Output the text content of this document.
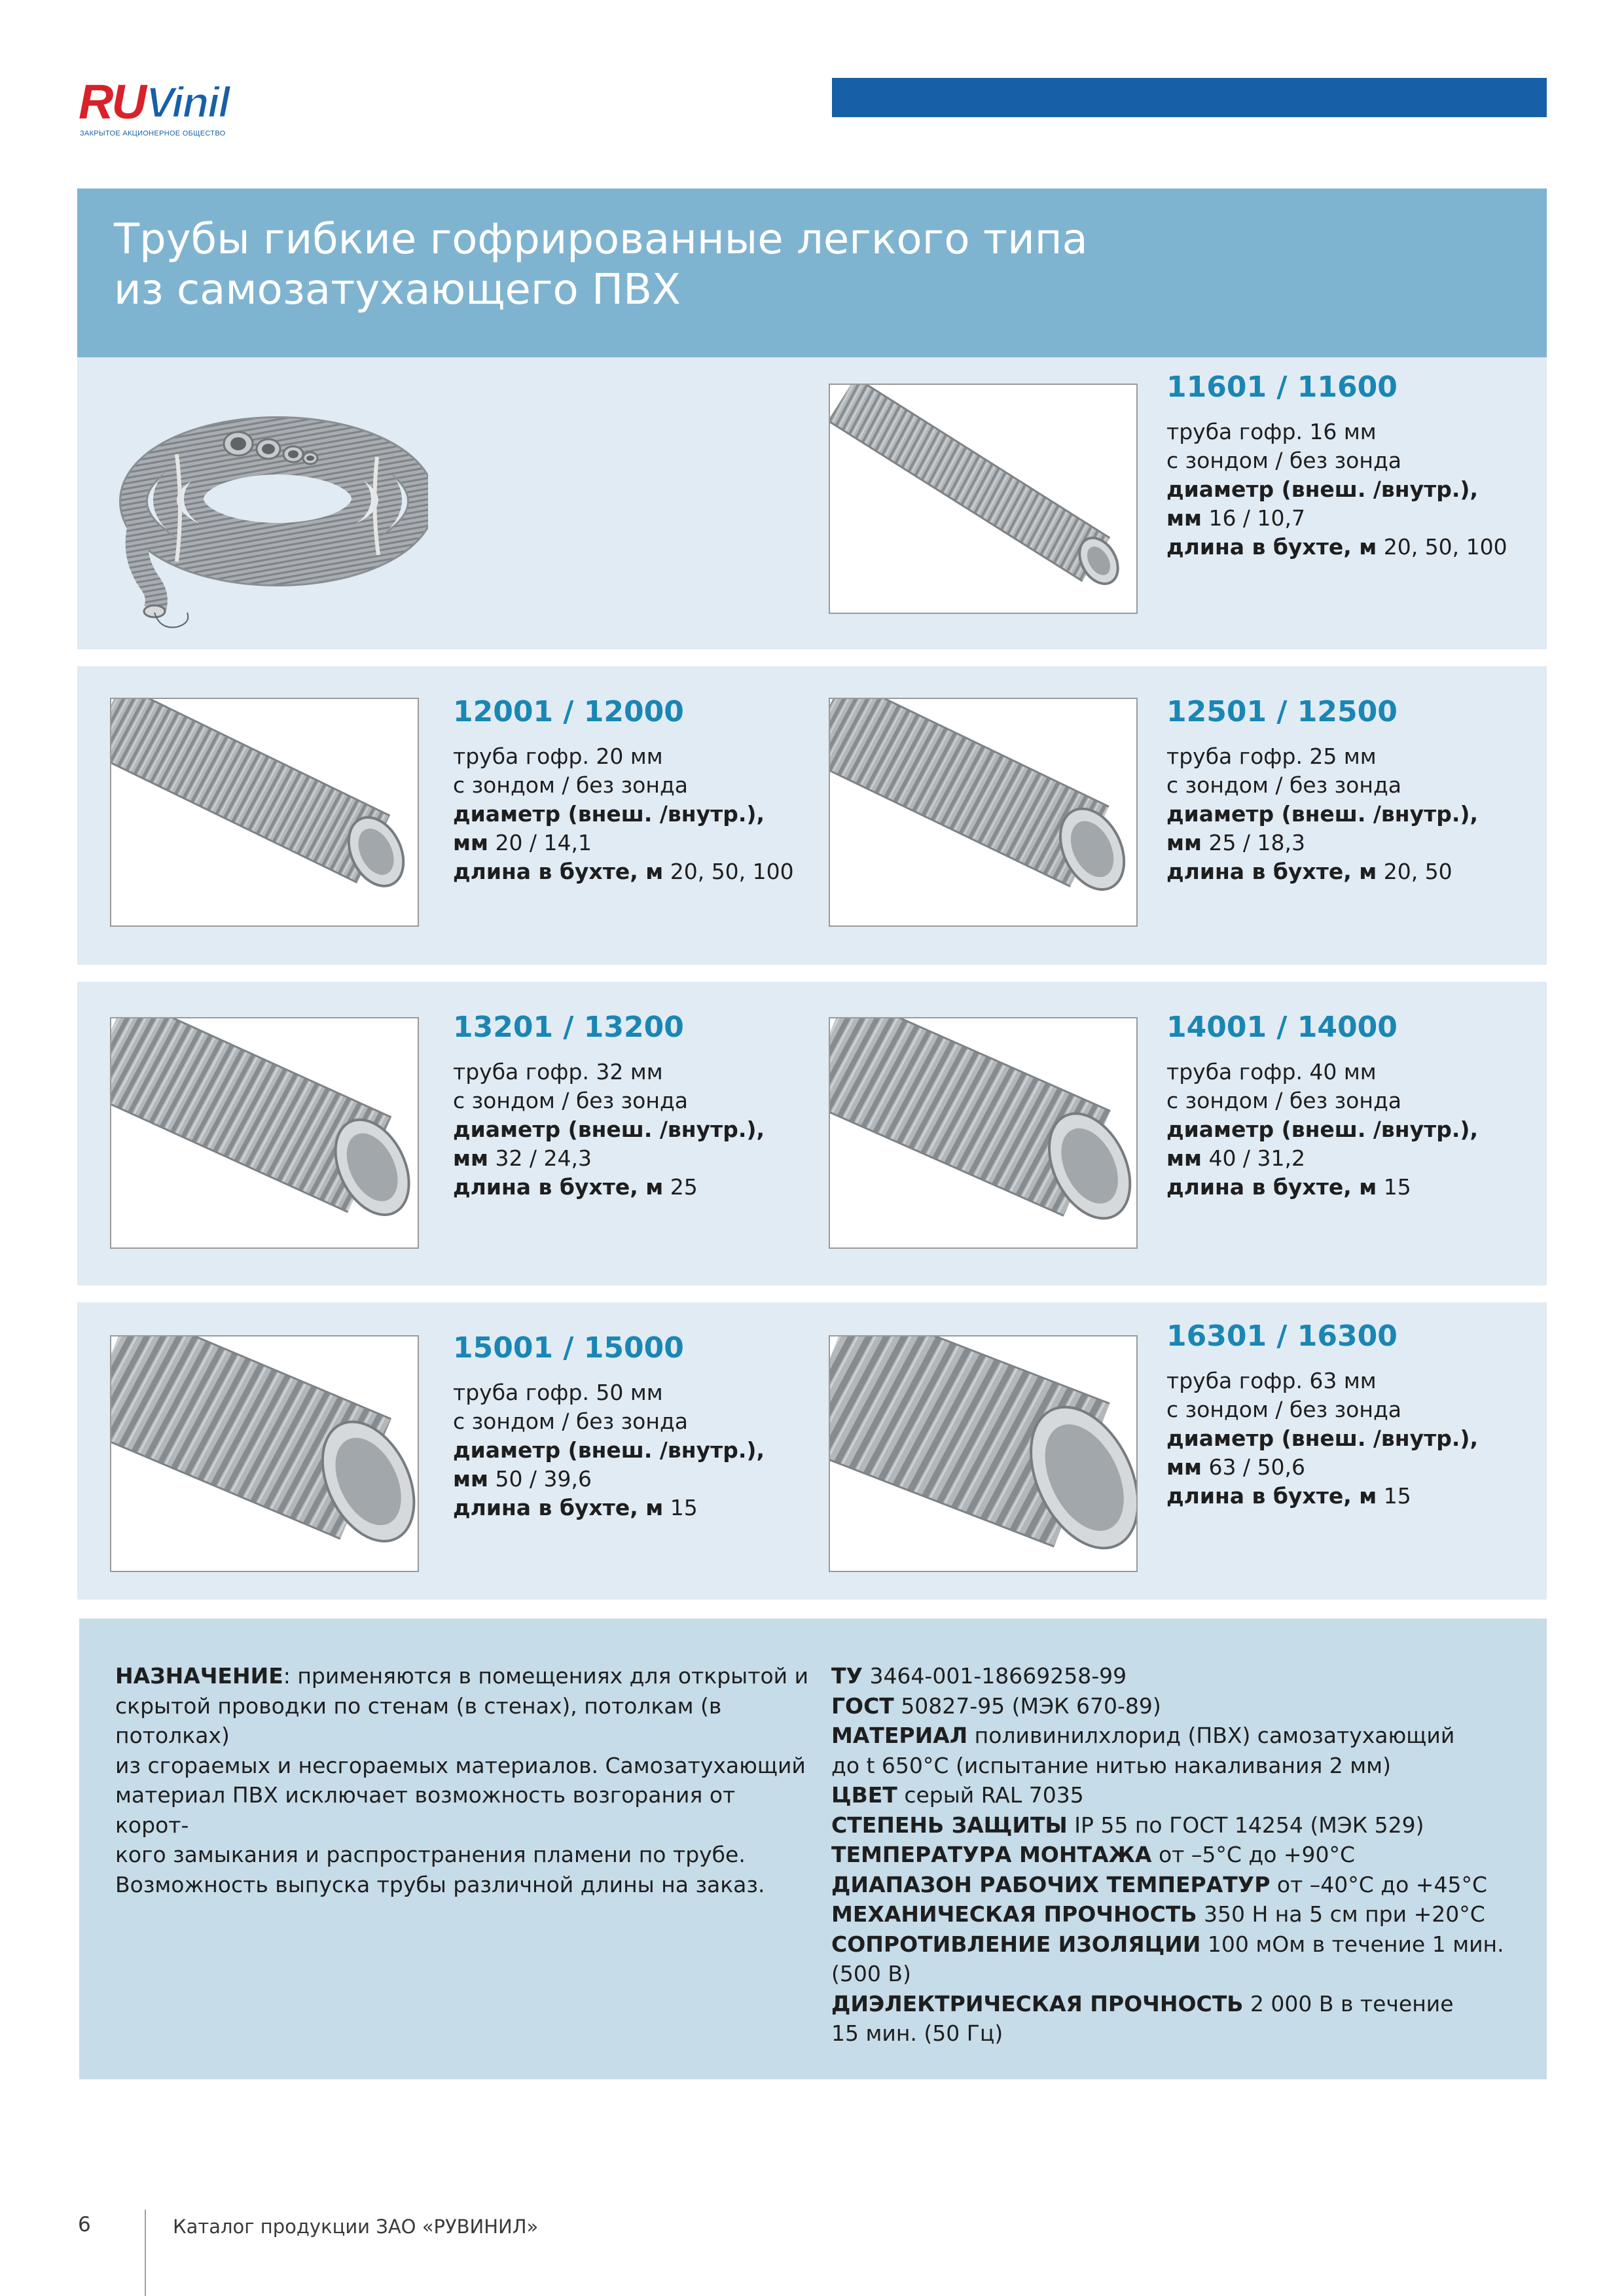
RU Vinil
ЗАКРЫТОЕ АКЦИОНЕРНОЕ ОБЩЕСТВО
Трубы гибкие гофрированные легкого типа
из самозатухающего ПВХ
11601 / 11600
труба гофр. 16 мм
с зондом / без зонда
диаметр (внеш. /внутр.),
мм 16 / 10,7
длина в бухте, м 20, 50, 100
12001 / 12000
труба гофр. 20 мм
с зондом / без зонда
диаметр (внеш. /внутр.),
мм 20 / 14,1
длина в бухте, м 20, 50, 100
12501 / 12500
труба гофр. 25 мм
с зондом / без зонда
диаметр (внеш. /внутр.),
мм 25 / 18,3
длина в бухте, м 20, 50
13201 / 13200
труба гофр. 32 мм
с зондом / без зонда
диаметр (внеш. /внутр.),
мм 32 / 24,3
длина в бухте, м 25
14001 / 14000
труба гофр. 40 мм
с зондом / без зонда
диаметр (внеш. /внутр.),
мм 40 / 31,2
длина в бухте, м 15
15001 / 15000
труба гофр. 50 мм
с зондом / без зонда
диаметр (внеш. /внутр.),
мм 50 / 39,6
длина в бухте, м 15
16301 / 16300
труба гофр. 63 мм
с зондом / без зонда
диаметр (внеш. /внутр.),
мм 63 / 50,6
длина в бухте, м 15
НАЗНАЧЕНИЕ: применяются в помещениях для открытой и
скрытой проводки по стенам (в стенах), потолкам (в потолках)
из сгораемых и несгораемых материалов. Самозатухающий
материал ПВХ исключает возможность возгорания от корот-
кого замыкания и распространения пламени по трубе.
Возможность выпуска трубы различной длины на заказ.
ТУ 3464-001-18669258-99
ГОСТ 50827-95 (МЭК 670-89)
МАТЕРИАЛ поливинилхлорид (ПВХ) самозатухающий
до t 650°С (испытание нитью накаливания 2 мм)
ЦВЕТ серый RAL 7035
СТЕПЕНЬ ЗАЩИТЫ IP 55 по ГОСТ 14254 (МЭК 529)
ТЕМПЕРАТУРА МОНТАЖА от –5°С до +90°С
ДИАПАЗОН РАБОЧИХ ТЕМПЕРАТУР от –40°С до +45°С
МЕХАНИЧЕСКАЯ ПРОЧНОСТЬ 350 Н на 5 см при +20°С
СОПРОТИВЛЕНИЕ ИЗОЛЯЦИИ 100 мОм в течение 1 мин.
(500 В)
ДИЭЛЕКТРИЧЕСКАЯ ПРОЧНОСТЬ 2 000 В в течение
15 мин. (50 Гц)
6	Каталог продукции ЗАО «РУВИНИЛ»
